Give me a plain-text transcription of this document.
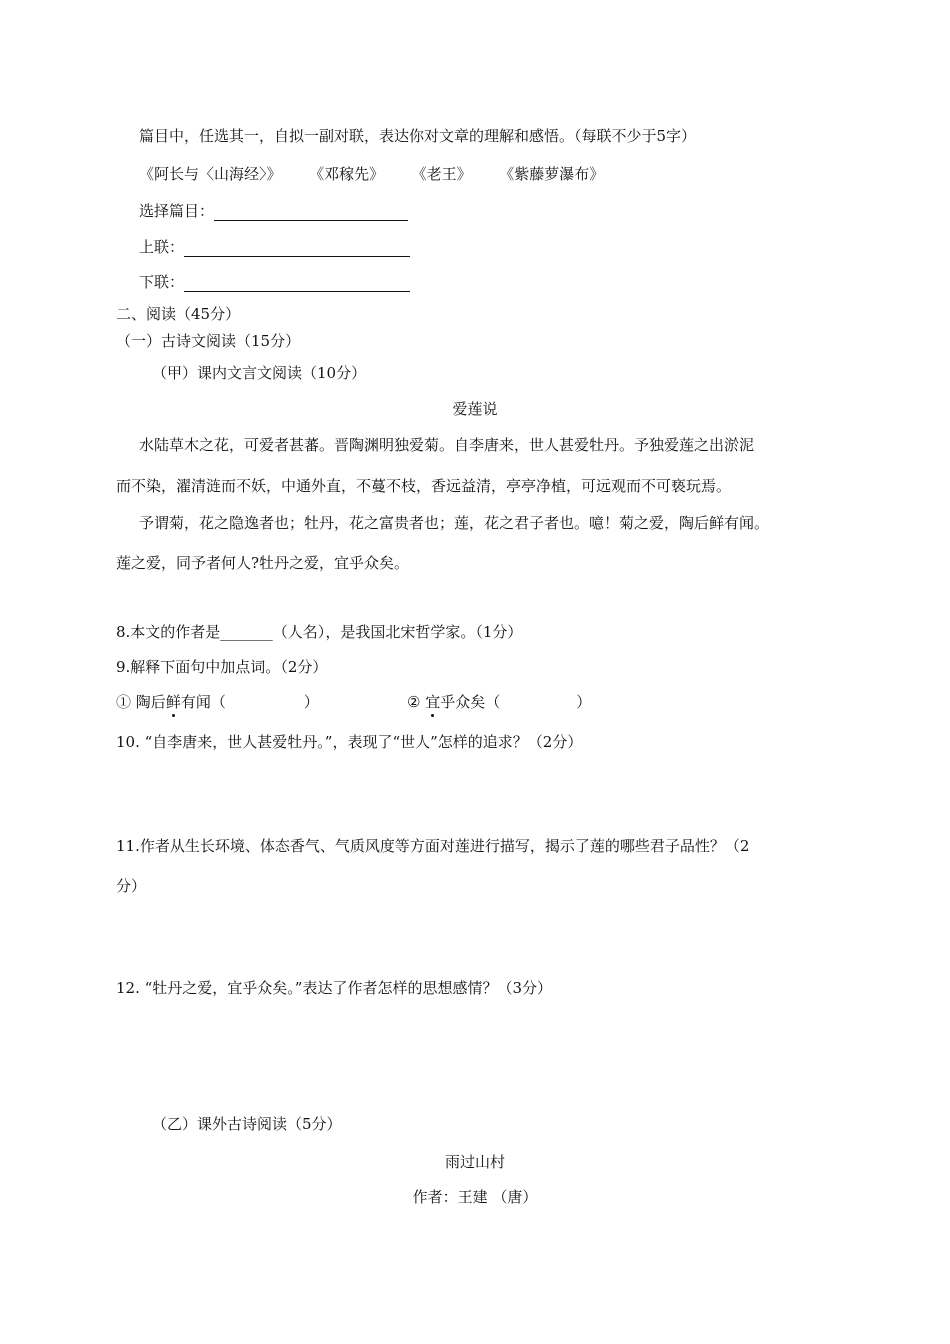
篇目中，任选其一，自拟一副对联，表达你对文章的理解和感悟。（每联不少于5字）
《阿长与〈山海经〉》 《邓稼先》 《老王》 《紫藤萝瀑布》
选择篇目：
上联：
下联：
二、阅读（45分）
（一）古诗文阅读（15分）
（甲）课内文言文阅读（10分）
爱莲说
水陆草木之花，可爱者甚蕃。晋陶渊明独爱菊。自李唐来，世人甚爱牡丹。予独爱莲之出淤泥
而不染，濯清涟而不妖，中通外直，不蔓不枝，香远益清，亭亭净植，可远观而不可亵玩焉。
予谓菊，花之隐逸者也；牡丹，花之富贵者也；莲，花之君子者也。噫！菊之爱，陶后鲜有闻。
莲之爱，同予者何人?牡丹之爱，宜乎众矣。
8.本文的作者是_______（人名），是我国北宋哲学家。（1分）
9.解释下面句中加点词。（2分）
① 陶后鲜有闻（	）	② 宜乎众矣（	）
10. “自李唐来，世人甚爱牡丹。”，表现了“世人”怎样的追求？（2分）
11.作者从生长环境、体态香气、气质风度等方面对莲进行描写，揭示了莲的哪些君子品性？（2
分）
12. “牡丹之爱，宜乎众矣。”表达了作者怎样的思想感情？（3分）
（乙）课外古诗阅读（5分）
雨过山村
作者：王建 （唐）
